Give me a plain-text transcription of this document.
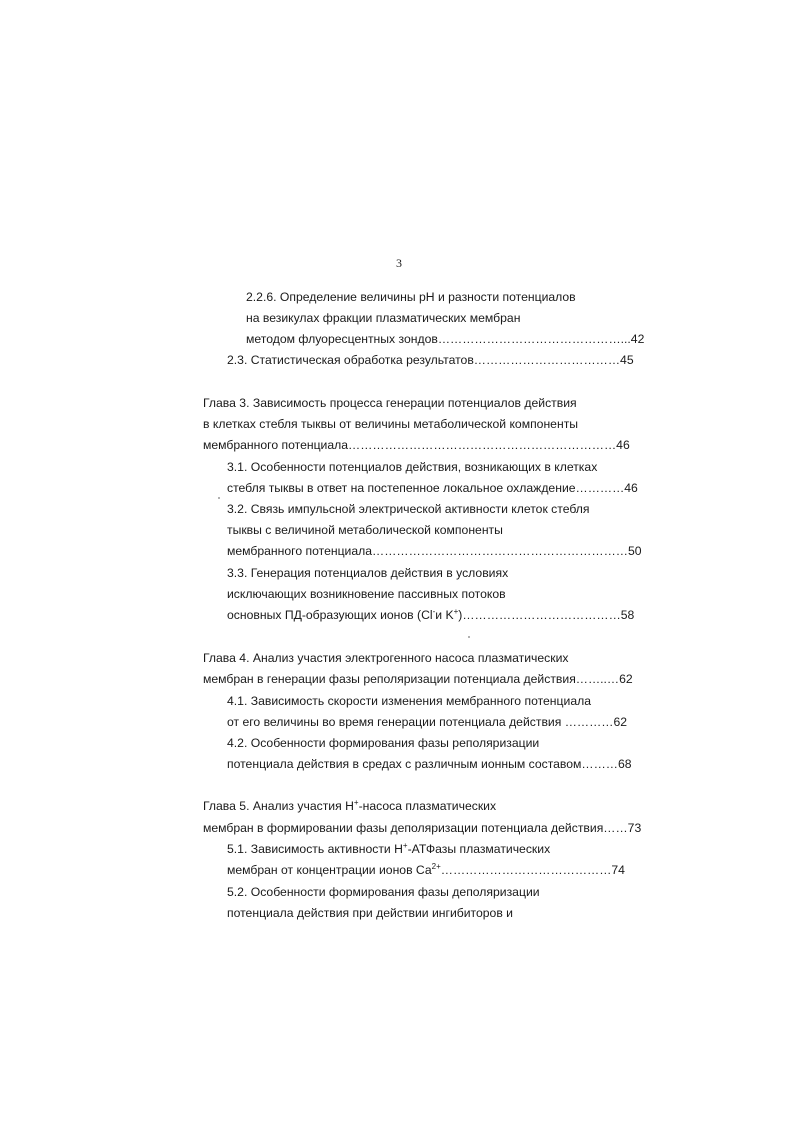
3
2.2.6. Определение величины рН и разности потенциалов
на везикулах фракции плазматических мембран
методом флуоресцентных зондов………………………………………...42
2.3. Статистическая обработка результатов………………………………45
Глава 3. Зависимость процесса генерации потенциалов действия
в клетках стебля тыквы от величины метаболической компоненты
мембранного потенциала…………………………………………………………46
3.1. Особенности потенциалов действия, возникающих в клетках
стебля тыквы в ответ на постепенное локальное охлаждение…………46
3.2. Связь импульсной электрической активности клеток стебля
тыквы с величиной метаболической компоненты
мембранного потенциала………………………………………………………50
3.3. Генерация потенциалов действия в условиях
исключающих возникновение пассивных потоков
основных ПД-образующих ионов (Cl-и K+)…………………………………58
Глава 4. Анализ участия электрогенного насоса плазматических
мембран в генерации фазы реполяризации потенциала действия……..…62
4.1. Зависимость скорости изменения мембранного потенциала
от его величины во время генерации потенциала действия …………62
4.2. Особенности формирования фазы реполяризации
потенциала действия в средах с различным ионным составом………68
Глава 5. Анализ участия Н+-насоса плазматических
мембран в формировании фазы деполяризации потенциала действия……73
5.1. Зависимость активности Н+-АТФазы плазматических
мембран от концентрации ионов $Са^{2+}\dots\dots\dots\dots\dots\dots\dots\dots\dots\dots\dots\dots\dots\dots 74$
5.2. Особенности формирования фазы деполяризации
потенциала действия при действии ингибиторов и
